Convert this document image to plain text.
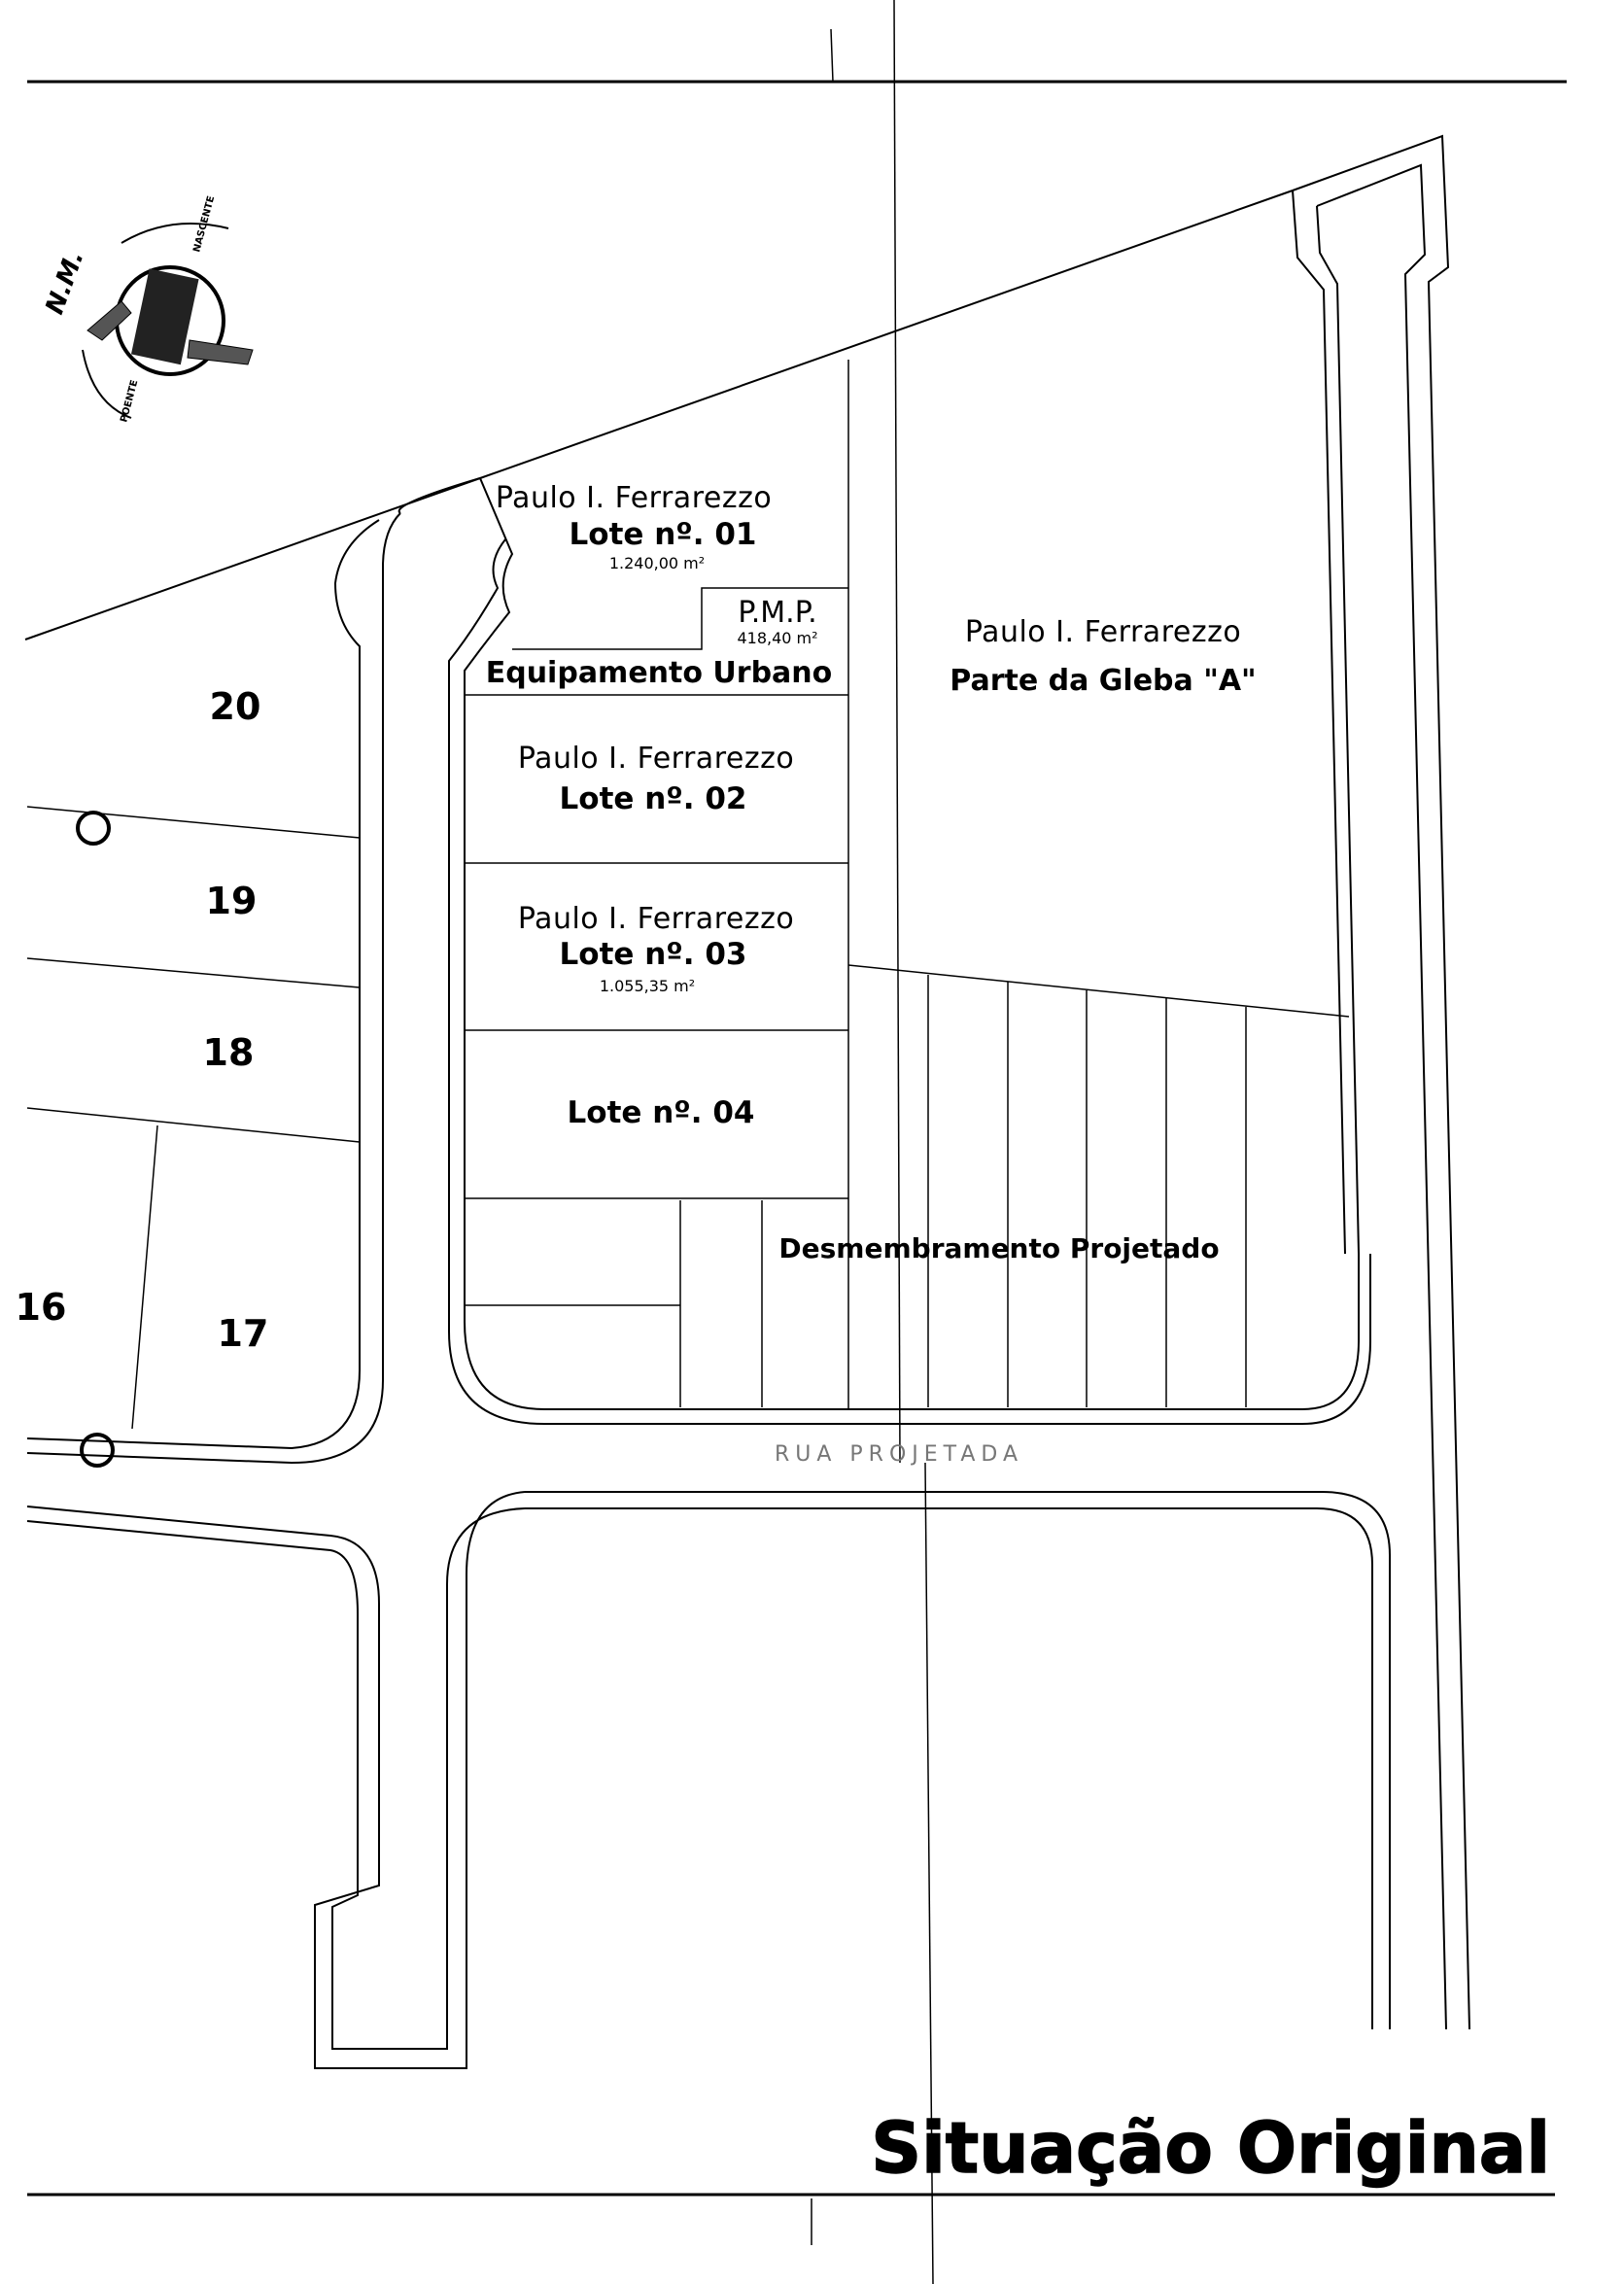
N.M.
NASCENTE
POENTE
Paulo I. Ferrarezzo
Lote nº. 01
1.240,00 m²
P.M.P.
418,40 m²
Equipamento Urbano
Paulo I. Ferrarezzo
Lote nº. 02
Paulo I. Ferrarezzo
Lote nº. 03
1.055,35 m²
Lote nº. 04
Paulo I. Ferrarezzo
Parte da Gleba "A"
Desmembramento Projetado
20
19
18
17
16
RUA PROJETADA
Situação Original
